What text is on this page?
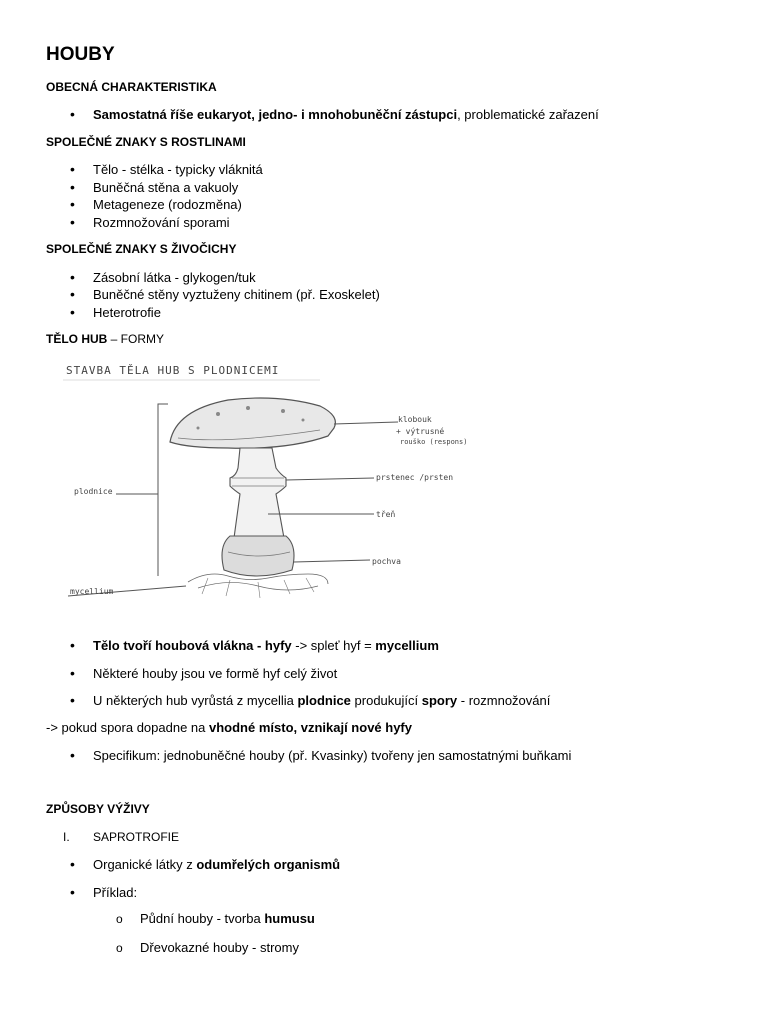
HOUBY
OBECNÁ CHARAKTERISTIKA
• Samostatná říše eukaryot, jedno- i mnohobuněční zástupci, problematické zařazení
SPOLEČNÉ ZNAKY S ROSTLINAMI
• Tělo - stélka - typicky vláknitá
• Buněčná stěna a vakuoly
• Metageneze (rodozměna)
• Rozmnožování sporami
SPOLEČNÉ ZNAKY S ŽIVOČICHY
• Zásobní látka - glykogen/tuk
• Buněčné stěny vyztuženy chitinem (př. Exoskelet)
• Heterotrofie
TĚLO HUB – FORMY
STAVBA TĚLA HUB S PLODNICEMI
klobouk
+ výtrusné
rouško (respons)
prstenec /prsten
třeň
pochva
plodnice
mycellium
• Tělo tvoří houbová vlákna - hyfy -> spleť hyf = mycellium
• Některé houby jsou ve formě hyf celý život
• U některých hub vyrůstá z mycellia plodnice produkující spory - rozmnožování
-> pokud spora dopadne na vhodné místo, vznikají nové hyfy
• Specifikum: jednobuněčné houby (př. Kvasinky) tvořeny jen samostatnými buňkami
ZPŮSOBY VÝŽIVY
I. SAPROTROFIE
• Organické látky z odumřelých organismů
• Příklad:
o Půdní houby - tvorba humusu
o Dřevokazné houby - stromy
